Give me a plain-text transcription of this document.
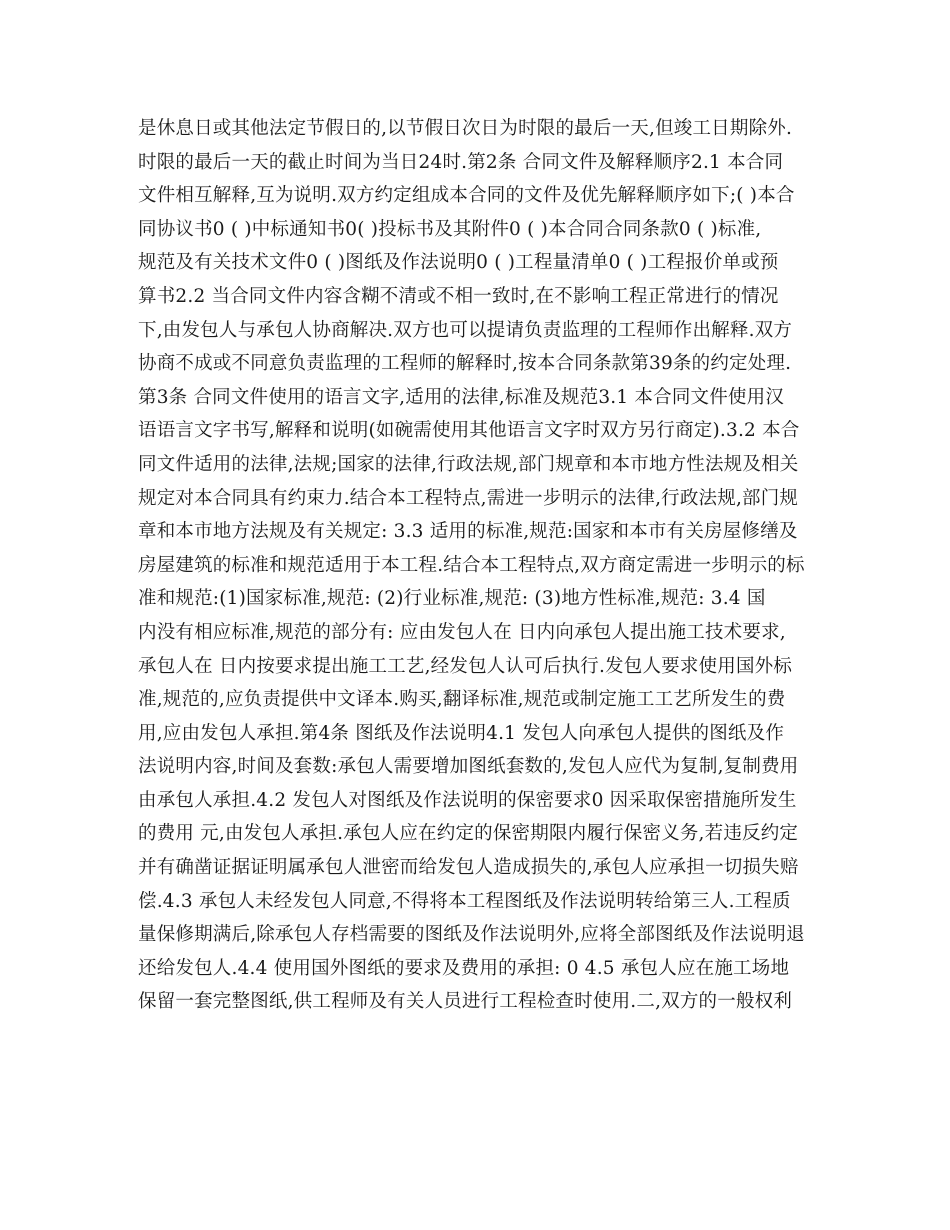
是休息日或其他法定节假日的,以节假日次日为时限的最后一天,但竣工日期除外.
时限的最后一天的截止时间为当日24时.第2条 合同文件及解释顺序2.1 本合同
文件相互解释,互为说明.双方约定组成本合同的文件及优先解释顺序如下;( )本合
同协议书0 ( )中标通知书0( )投标书及其附件0 ( )本合同合同条款0 ( )标准,
规范及有关技术文件0 ( )图纸及作法说明0 ( )工程量清单0 ( )工程报价单或预
算书2.2 当合同文件内容含糊不清或不相一致时,在不影响工程正常进行的情况
下,由发包人与承包人协商解决.双方也可以提请负责监理的工程师作出解释.双方
协商不成或不同意负责监理的工程师的解释时,按本合同条款第39条的约定处理.
第3条 合同文件使用的语言文字,适用的法律,标准及规范3.1 本合同文件使用汉
语语言文字书写,解释和说明(如碗需使用其他语言文字时双方另行商定).3.2 本合
同文件适用的法律,法规;国家的法律,行政法规,部门规章和本市地方性法规及相关
规定对本合同具有约束力.结合本工程特点,需进一步明示的法律,行政法规,部门规
章和本市地方法规及有关规定: 3.3 适用的标准,规范:国家和本市有关房屋修缮及
房屋建筑的标准和规范适用于本工程.结合本工程特点,双方商定需进一步明示的标
准和规范:(1)国家标准,规范: (2)行业标准,规范: (3)地方性标准,规范: 3.4 国
内没有相应标准,规范的部分有: 应由发包人在 日内向承包人提出施工技术要求,
承包人在 日内按要求提出施工工艺,经发包人认可后执行.发包人要求使用国外标
准,规范的,应负责提供中文译本.购买,翻译标准,规范或制定施工工艺所发生的费
用,应由发包人承担.第4条 图纸及作法说明4.1 发包人向承包人提供的图纸及作
法说明内容,时间及套数:承包人需要增加图纸套数的,发包人应代为复制,复制费用
由承包人承担.4.2 发包人对图纸及作法说明的保密要求0 因采取保密措施所发生
的费用 元,由发包人承担.承包人应在约定的保密期限内履行保密义务,若违反约定
并有确凿证据证明属承包人泄密而给发包人造成损失的,承包人应承担一切损失赔
偿.4.3 承包人未经发包人同意,不得将本工程图纸及作法说明转给第三人.工程质
量保修期满后,除承包人存档需要的图纸及作法说明外,应将全部图纸及作法说明退
还给发包人.4.4 使用国外图纸的要求及费用的承担: 0 4.5 承包人应在施工场地
保留一套完整图纸,供工程师及有关人员进行工程检查时使用.二,双方的一般权利
